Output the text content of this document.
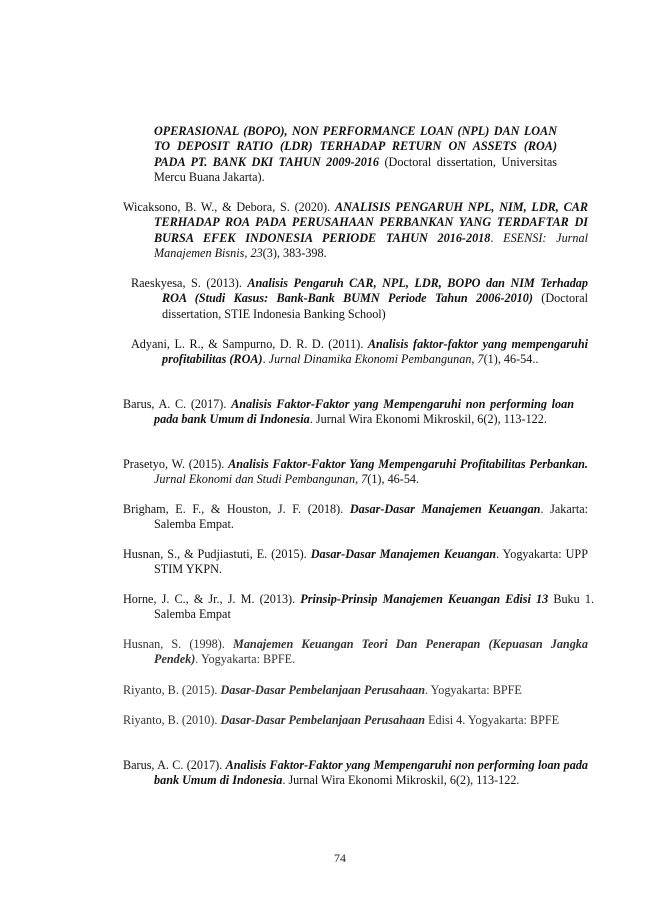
OPERASIONAL (BOPO), NON PERFORMANCE LOAN (NPL) DAN LOAN TO DEPOSIT RATIO (LDR) TERHADAP RETURN ON ASSETS (ROA) PADA PT. BANK DKI TAHUN 2009-2016 (Doctoral dissertation, Universitas Mercu Buana Jakarta).
Wicaksono, B. W., & Debora, S. (2020). ANALISIS PENGARUH NPL, NIM, LDR, CAR TERHADAP ROA PADA PERUSAHAAN PERBANKAN YANG TERDAFTAR DI BURSA EFEK INDONESIA PERIODE TAHUN 2016-2018. ESENSI: Jurnal Manajemen Bisnis, 23(3), 383-398.
Raeskyesa, S. (2013). Analisis Pengaruh CAR, NPL, LDR, BOPO dan NIM Terhadap ROA (Studi Kasus: Bank-Bank BUMN Periode Tahun 2006-2010) (Doctoral dissertation, STIE Indonesia Banking School)
Adyani, L. R., & Sampurno, D. R. D. (2011). Analisis faktor-faktor yang mempengaruhi profitabilitas (ROA). Jurnal Dinamika Ekonomi Pembangunan, 7(1), 46-54..
Barus, A. C. (2017). Analisis Faktor-Faktor yang Mempengaruhi non performing loan pada bank Umum di Indonesia. Jurnal Wira Ekonomi Mikroskil, 6(2), 113-122.
Prasetyo, W. (2015). Analisis Faktor-Faktor Yang Mempengaruhi Profitabilitas Perbankan. Jurnal Ekonomi dan Studi Pembangunan, 7(1), 46-54.
Brigham, E. F., & Houston, J. F. (2018). Dasar-Dasar Manajemen Keuangan. Jakarta: Salemba Empat.
Husnan, S., & Pudjiastuti, E. (2015). Dasar-Dasar Manajemen Keuangan. Yogyakarta: UPP STIM YKPN.
Horne, J. C., & Jr., J. M. (2013). Prinsip-Prinsip Manajemen Keuangan Edisi 13 Buku 1. Salemba Empat
Husnan, S. (1998). Manajemen Keuangan Teori Dan Penerapan (Kepuasan Jangka Pendek). Yogyakarta: BPFE.
Riyanto, B. (2015). Dasar-Dasar Pembelanjaan Perusahaan. Yogyakarta: BPFE
Riyanto, B. (2010). Dasar-Dasar Pembelanjaan Perusahaan Edisi 4. Yogyakarta: BPFE
Barus, A. C. (2017). Analisis Faktor-Faktor yang Mempengaruhi non performing loan pada bank Umum di Indonesia. Jurnal Wira Ekonomi Mikroskil, 6(2), 113-122.
74
